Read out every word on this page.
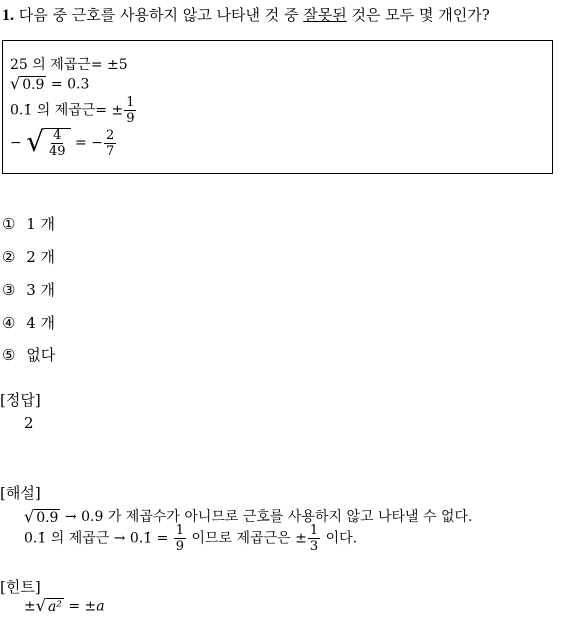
1. 다음 중 근호를 사용하지 않고 나타낸 것 중 잘못된 것은 모두 몇 개인가?
25 의 제곱근= ±5
√ 0.9 = 0.3
0.1̇ 의 제곱근= ± $\frac{1}{9}$
− √ $\frac{4}{49}$ = − $\frac{2}{7}$
① 1 개
② 2 개
③ 3 개
④ 4 개
⑤ 없다
[정답]
2
[해설]
√ 0.9 → 0.9 가 제곱수가 아니므로 근호를 사용하지 않고 나타낼 수 없다.
0.1̇ 의 제곱근 → 0.1̇ = $\frac{1}{9}$ 이므로 제곱근은 ± $\frac{1}{3}$ 이다.
[힌트]
± √ a² = ±a
